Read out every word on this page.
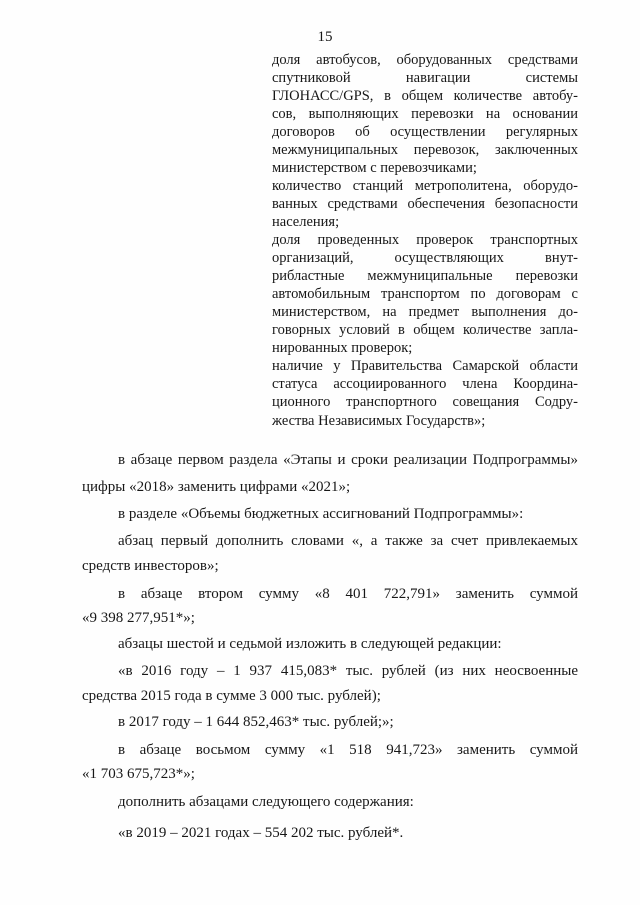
15
доля автобусов, оборудованных средствами
спутниковой навигации системы
ГЛОНАСС/GPS, в общем количестве автобу-
сов, выполняющих перевозки на основании
договоров об осуществлении регулярных
межмуниципальных перевозок, заключенных
министерством с перевозчиками;
количество станций метрополитена, оборудо-
ванных средствами обеспечения безопасности
населения;
доля проведенных проверок транспортных
организаций, осуществляющих внут-
рибластные межмуниципальные перевозки
автомобильным транспортом по договорам с
министерством, на предмет выполнения до-
говорных условий в общем количестве запла-
нированных проверок;
наличие у Правительства Самарской области
статуса ассоциированного члена Координа-
ционного транспортного совещания Содру-
жества Независимых Государств»;
в абзаце первом раздела «Этапы и сроки реализации Подпрограммы»
цифры «2018» заменить цифрами «2021»;
в разделе «Объемы бюджетных ассигнований Подпрограммы»:
абзац первый дополнить словами «, а также за счет привлекаемых
средств инвесторов»;
в абзаце втором сумму «8 401 722,791» заменить суммой
«9 398 277,951*»;
абзацы шестой и седьмой изложить в следующей редакции:
«в 2016 году – 1 937 415,083* тыс. рублей (из них неосвоенные
средства 2015 года в сумме 3 000 тыс. рублей);
в 2017 году – 1 644 852,463* тыс. рублей;»;
в абзаце восьмом сумму «1 518 941,723» заменить суммой
«1 703 675,723*»;
дополнить абзацами следующего содержания:
«в 2019 – 2021 годах – 554 202 тыс. рублей*.
